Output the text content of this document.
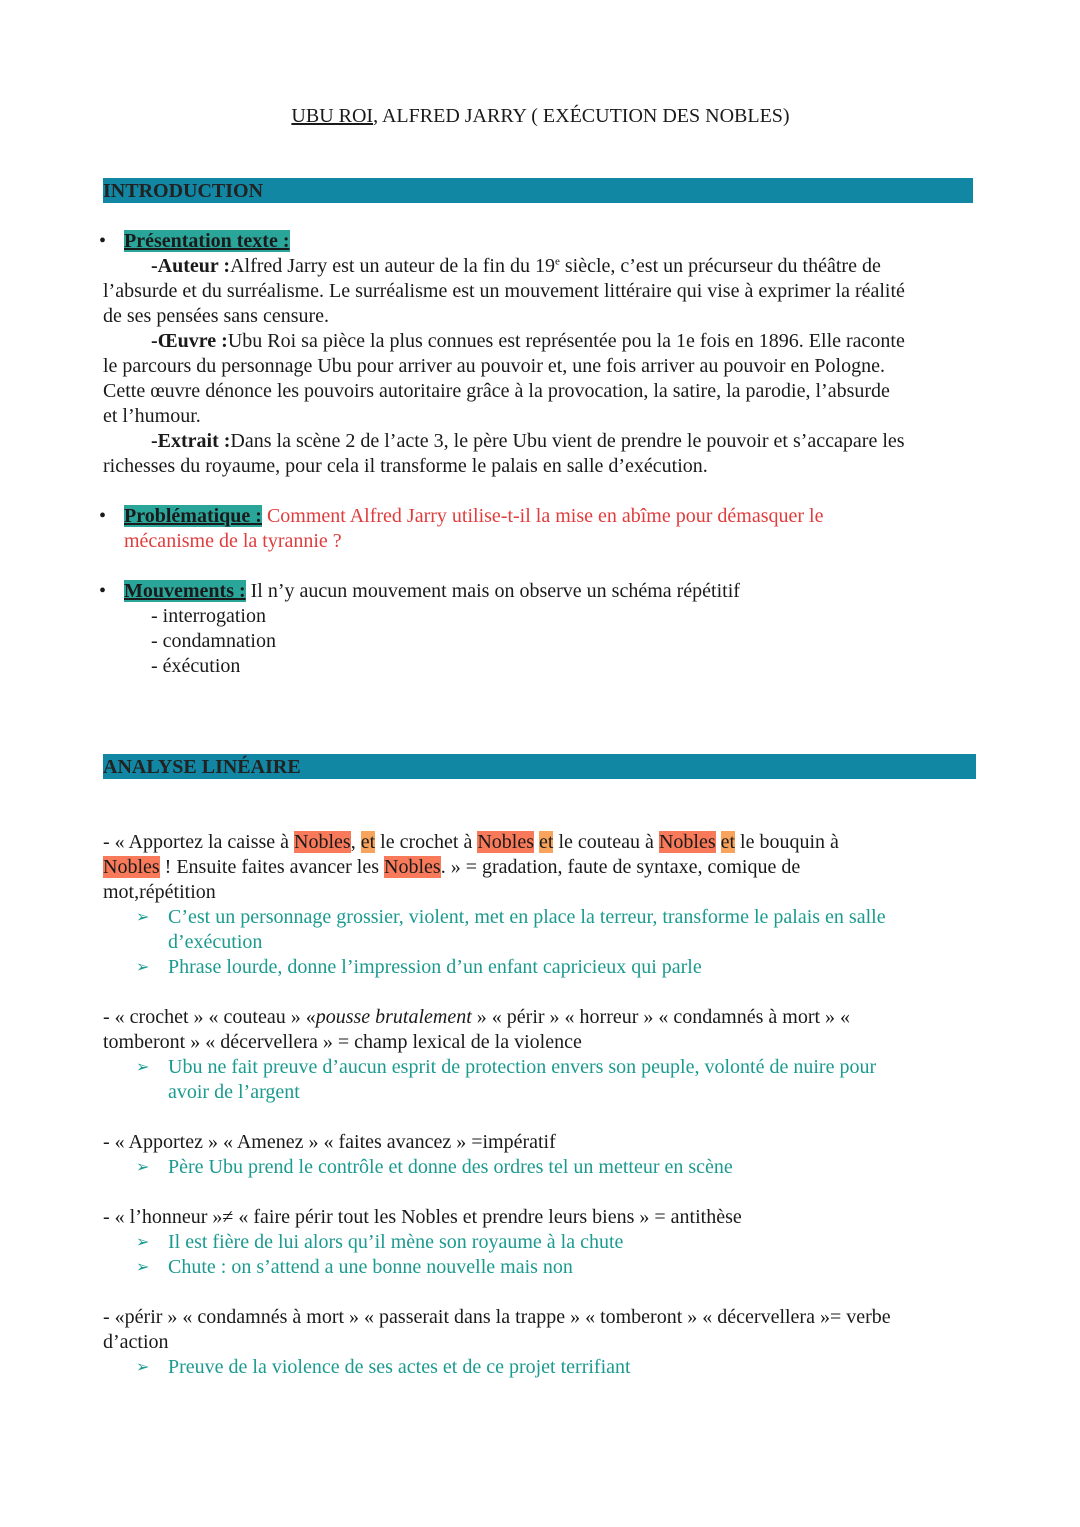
UBU ROI, ALFRED JARRY ( EXÉCUTION DES NOBLES)
INTRODUCTION

• Présentation texte :

-Auteur :Alfred Jarry est un auteur de la fin du 19e siècle, c’est un précurseur du théâtre de

l’absurde et du surréalisme. Le surréalisme est un mouvement littéraire qui vise à exprimer la réalité

de ses pensées sans censure.

-Œuvre :Ubu Roi sa pièce la plus connues est représentée pou la 1e fois en 1896. Elle raconte

le parcours du personnage Ubu pour arriver au pouvoir et, une fois arriver au pouvoir en Pologne.

Cette œuvre dénonce les pouvoirs autoritaire grâce à la provocation, la satire, la parodie, l’absurde

et l’humour.

-Extrait :Dans la scène 2 de l’acte 3, le père Ubu vient de prendre le pouvoir et s’accapare les

richesses du royaume, pour cela il transforme le palais en salle d’exécution.

• Problématique : Comment Alfred Jarry utilise-t-il la mise en abîme pour démasquer le

mécanisme de la tyrannie ?

• Mouvements : Il n’y aucun mouvement mais on observe un schéma répétitif

- interrogation

- condamnation

- éxécution

ANALYSE LINÉAIRE

- « Apportez la caisse à Nobles, et le crochet à Nobles et le couteau à Nobles et le bouquin à

Nobles ! Ensuite faites avancer les Nobles. » = gradation, faute de syntaxe, comique de

mot,répétition

➢ C’est un personnage grossier, violent, met en place la terreur, transforme le palais en salle

d’exécution

➢ Phrase lourde, donne l’impression d’un enfant capricieux qui parle

- « crochet » « couteau » «pousse brutalement » « périr » « horreur » « condamnés à mort » «

tomberont » « décervellera » = champ lexical de la violence

➢ Ubu ne fait preuve d’aucun esprit de protection envers son peuple, volonté de nuire pour

avoir de l’argent

- « Apportez » « Amenez » « faites avancez » =impératif

➢ Père Ubu prend le contrôle et donne des ordres tel un metteur en scène

- « l’honneur »≠ « faire périr tout les Nobles et prendre leurs biens » = antithèse

➢ Il est fière de lui alors qu’il mène son royaume à la chute

➢ Chute : on s’attend a une bonne nouvelle mais non

- «périr » « condamnés à mort » « passerait dans la trappe » « tomberont » « décervellera »= verbe

d’action

➢ Preuve de la violence de ses actes et de ce projet terrifiant
